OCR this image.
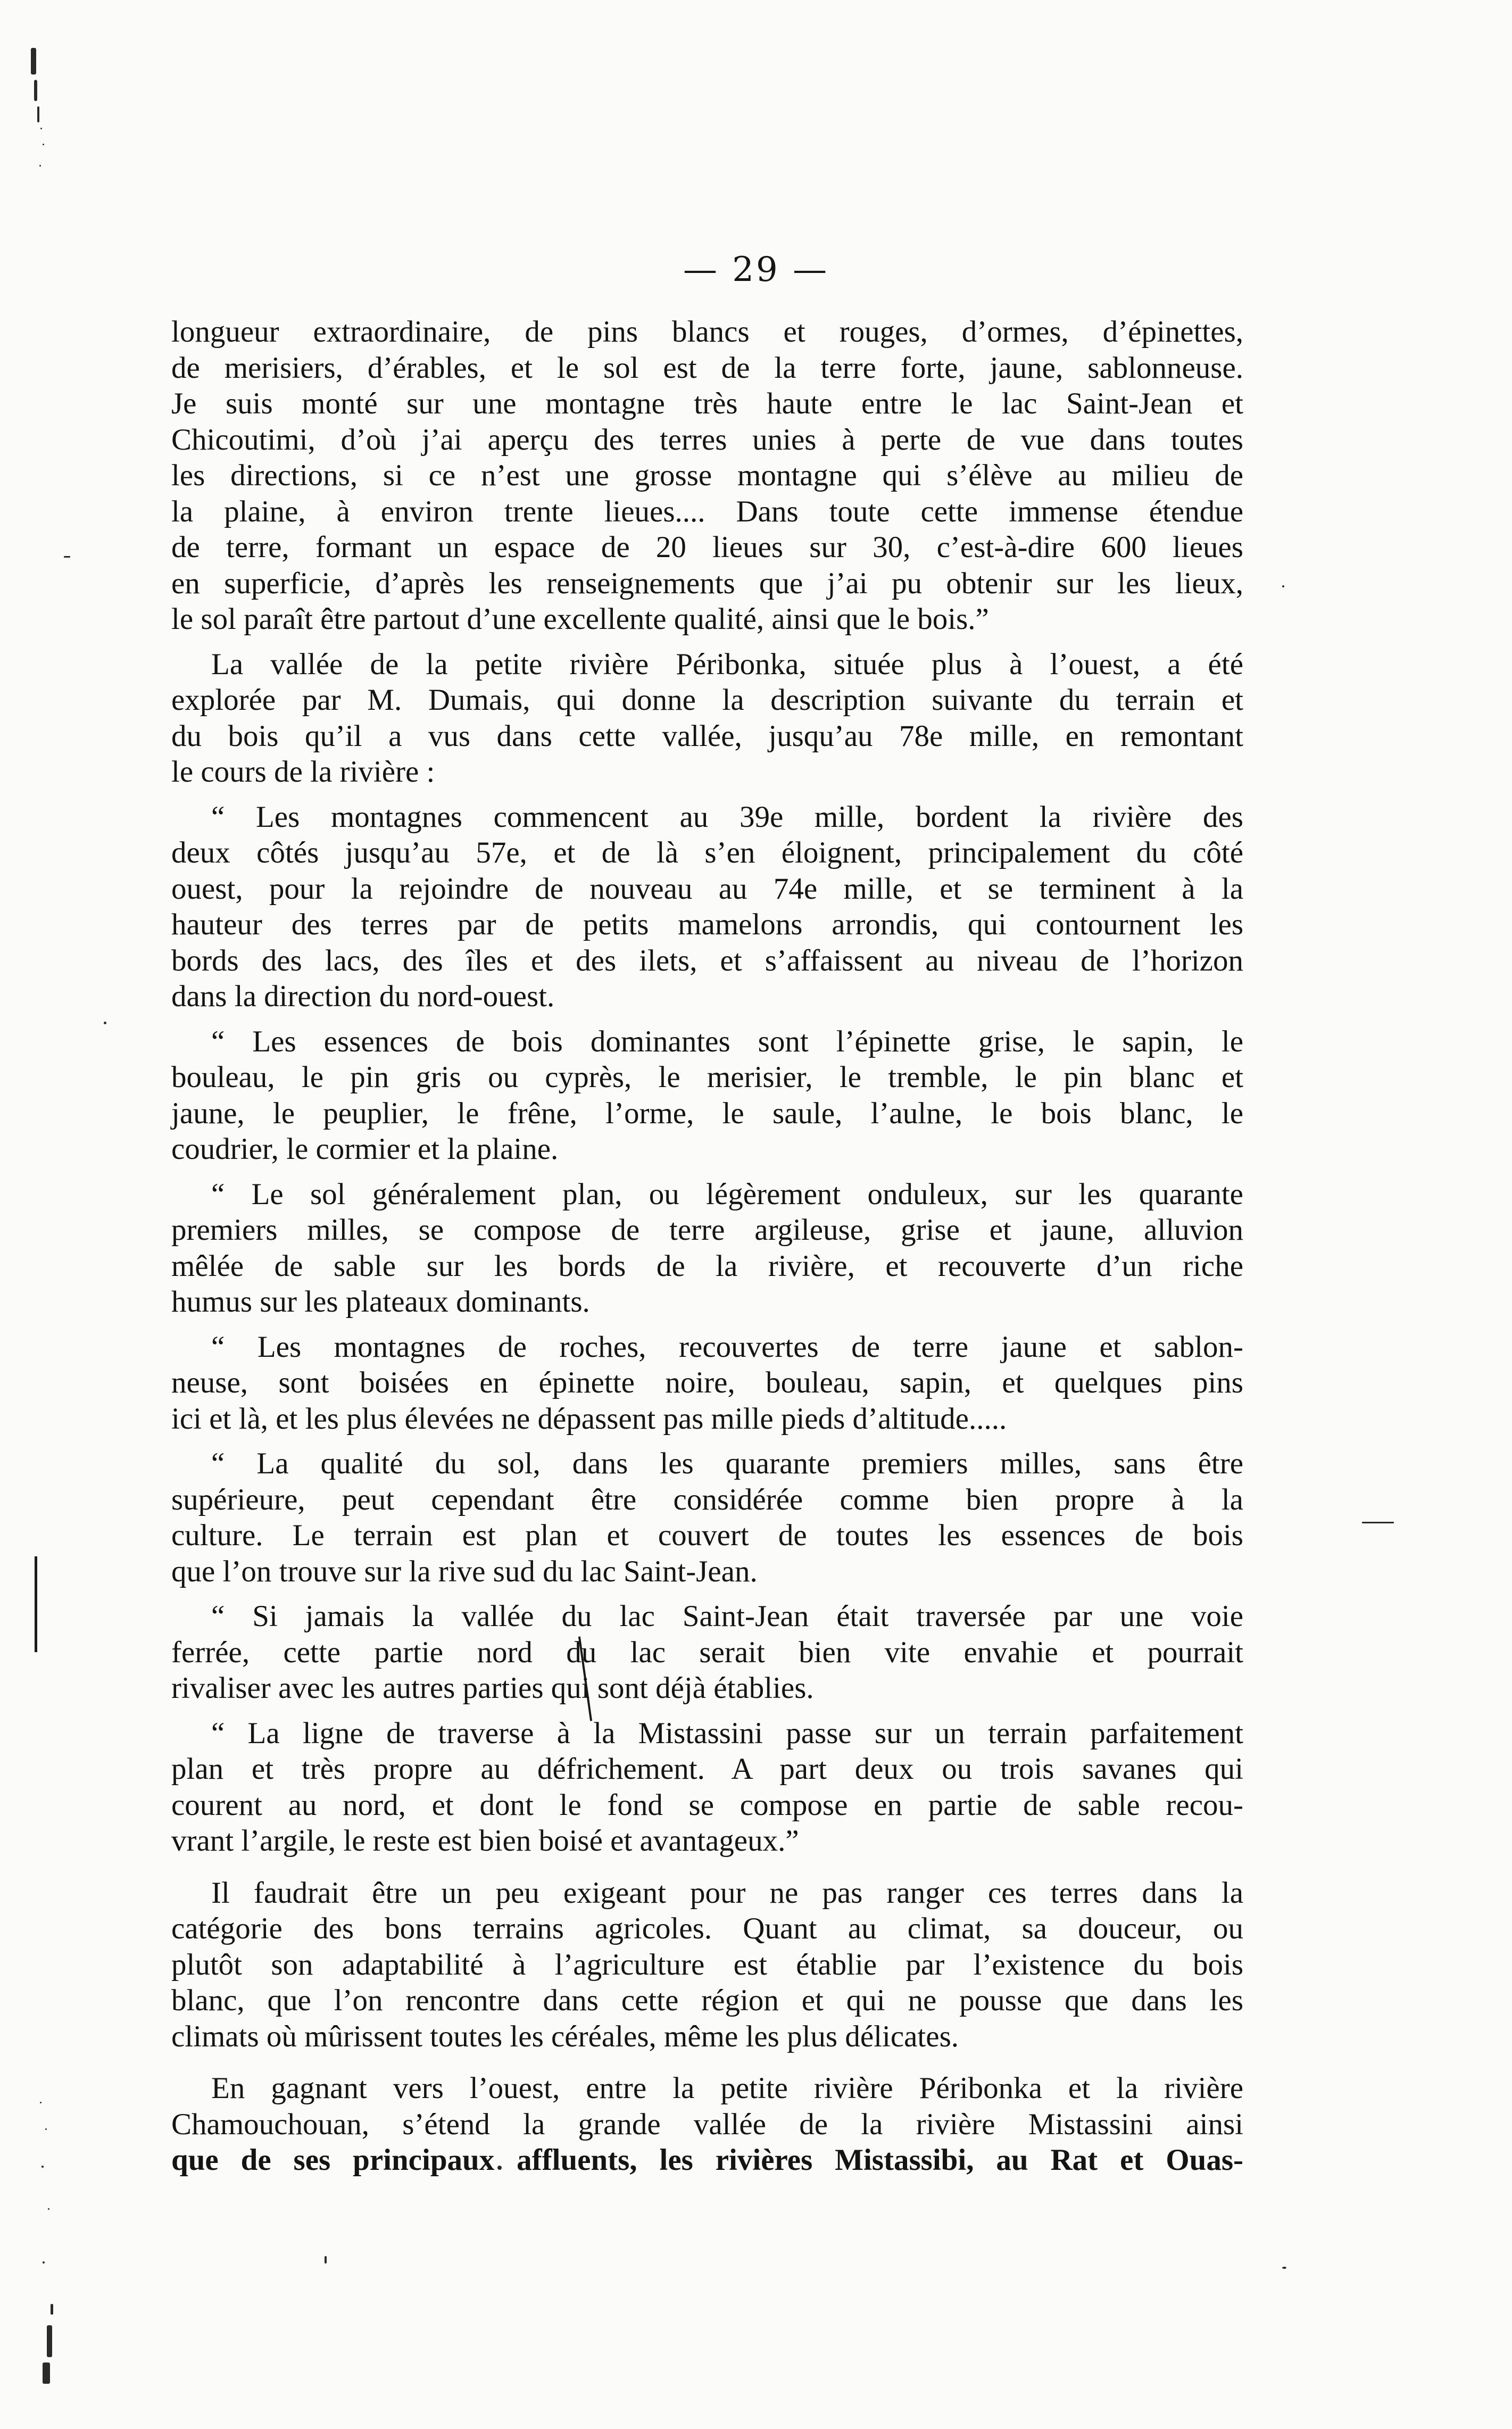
— 29 —

longueur extraordinaire, de pins blancs et rouges, d’ormes, d’épinettes,
de merisiers, d’érables, et le sol est de la terre forte, jaune, sablonneuse.
Je suis monté sur une montagne très haute entre le lac Saint-Jean et
Chicoutimi, d’où j’ai aperçu des terres unies à perte de vue dans toutes
les directions, si ce n’est une grosse montagne qui s’élève au milieu de
la plaine, à environ trente lieues.... Dans toute cette immense étendue
de terre, formant un espace de 20 lieues sur 30, c’est-à-dire 600 lieues
en superficie, d’après les renseignements que j’ai pu obtenir sur les lieux,
le sol paraît être partout d’une excellente qualité, ainsi que le bois.”

La vallée de la petite rivière Péribonka, située plus à l’ouest, a été
explorée par M. Dumais, qui donne la description suivante du terrain et
du bois qu’il a vus dans cette vallée, jusqu’au 78e mille, en remontant
le cours de la rivière :

“ Les montagnes commencent au 39e mille, bordent la rivière des
deux côtés jusqu’au 57e, et de là s’en éloignent, principalement du côté
ouest, pour la rejoindre de nouveau au 74e mille, et se terminent à la
hauteur des terres par de petits mamelons arrondis, qui contournent les
bords des lacs, des îles et des ilets, et s’affaissent au niveau de l’horizon
dans la direction du nord-ouest.

“ Les essences de bois dominantes sont l’épinette grise, le sapin, le
bouleau, le pin gris ou cyprès, le merisier, le tremble, le pin blanc et
jaune, le peuplier, le frêne, l’orme, le saule, l’aulne, le bois blanc, le
coudrier, le cormier et la plaine.

“ Le sol généralement plan, ou légèrement onduleux, sur les quarante
premiers milles, se compose de terre argileuse, grise et jaune, alluvion
mêlée de sable sur les bords de la rivière, et recouverte d’un riche
humus sur les plateaux dominants.

“ Les montagnes de roches, recouvertes de terre jaune et sablon-
neuse, sont boisées en épinette noire, bouleau, sapin, et quelques pins
ici et là, et les plus élevées ne dépassent pas mille pieds d’altitude.....

“ La qualité du sol, dans les quarante premiers milles, sans être
supérieure, peut cependant être considérée comme bien propre à la
culture. Le terrain est plan et couvert de toutes les essences de bois
que l’on trouve sur la rive sud du lac Saint-Jean.

“ Si jamais la vallée du lac Saint-Jean était traversée par une voie
ferrée, cette partie nord du lac serait bien vite envahie et pourrait
rivaliser avec les autres parties qui sont déjà établies.

“ La ligne de traverse à la Mistassini passe sur un terrain parfaitement
plan et très propre au défrichement. A part deux ou trois savanes qui
courent au nord, et dont le fond se compose en partie de sable recou-
vrant l’argile, le reste est bien boisé et avantageux.”

Il faudrait être un peu exigeant pour ne pas ranger ces terres dans la
catégorie des bons terrains agricoles. Quant au climat, sa douceur, ou
plutôt son adaptabilité à l’agriculture est établie par l’existence du bois
blanc, que l’on rencontre dans cette région et qui ne pousse que dans les
climats où mûrissent toutes les céréales, même les plus délicates.

En gagnant vers l’ouest, entre la petite rivière Péribonka et la rivière
Chamouchouan, s’étend la grande vallée de la rivière Mistassini ainsi
que de ses principaux affluents, les rivières Mistassibi, au Rat et Ouas-
